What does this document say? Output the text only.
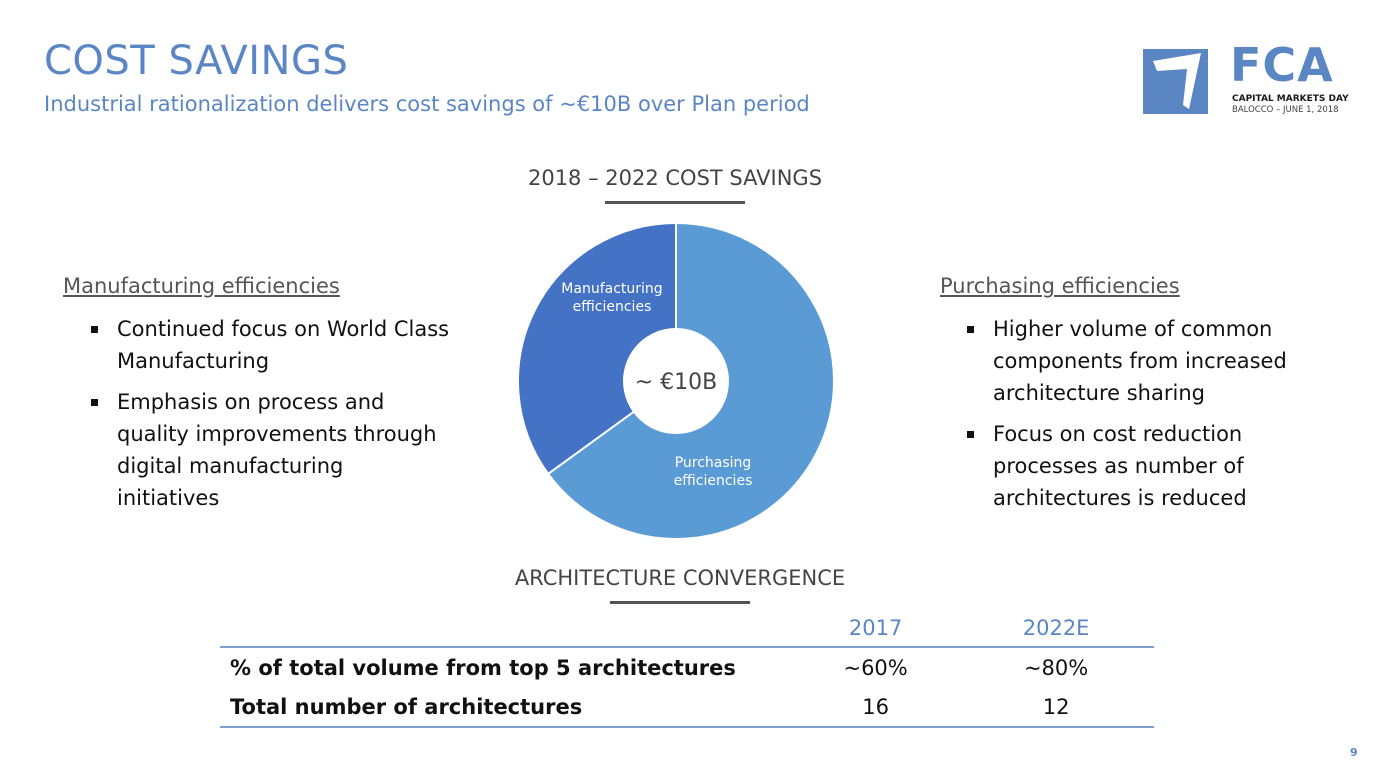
COST SAVINGS
Industrial rationalization delivers cost savings of ~€10B over Plan period
FCA
CAPITAL MARKETS DAY
BALOCCO – JUNE 1, 2018
2018 – 2022 COST SAVINGS
Manufacturing efficiencies
Continued focus on World Class Manufacturing
Emphasis on process and quality improvements through digital manufacturing initiatives
Purchasing efficiencies
Higher volume of common components from increased architecture sharing
Focus on cost reduction processes as number of architectures is reduced
Purchasing efficiencies
Manufacturing efficiencies
~ €10B
ARCHITECTURE CONVERGENCE
	2017	2022E
% of total volume from top 5 architectures	~60%	~80%
Total number of architectures	16	12
9
